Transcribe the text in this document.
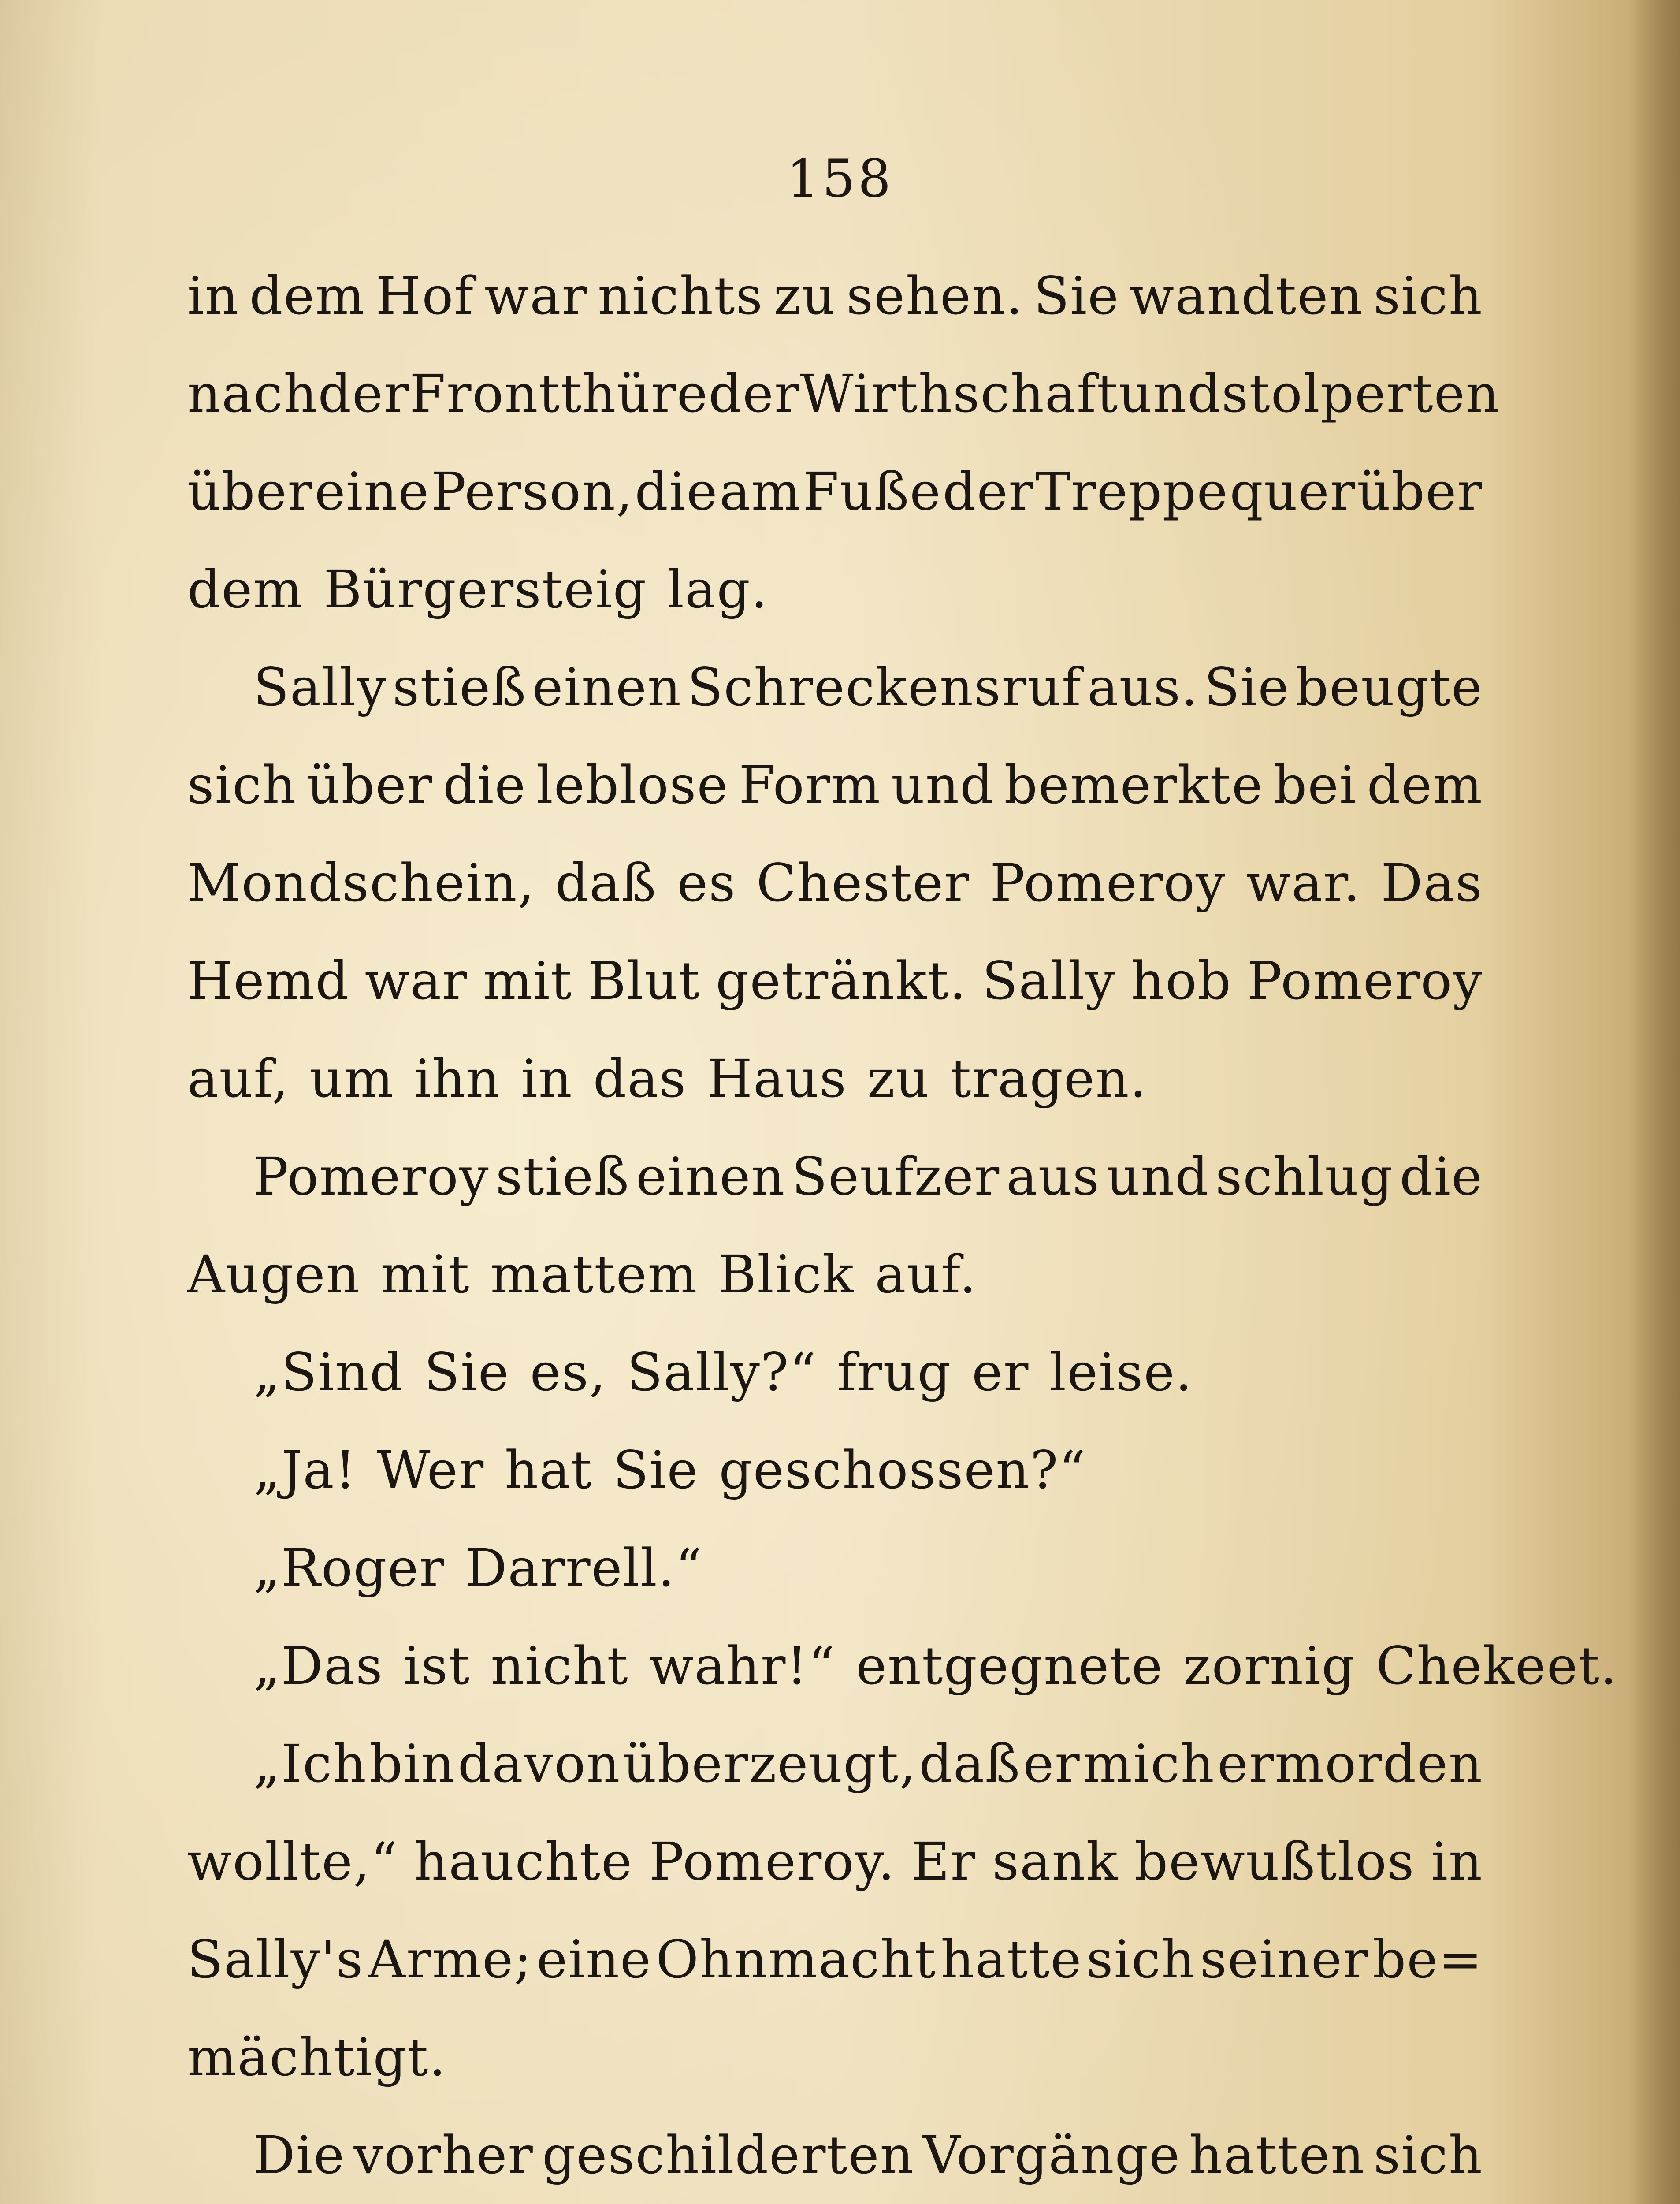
158
in dem Hof war nichts zu sehen. Sie wandten sich
nach der Frontthüre der Wirthschaft und stolperten
über eine Person, die am Fuße der Treppe quer über
dem Bürgersteig lag.
Sally stieß einen Schreckensruf aus. Sie beugte
sich über die leblose Form und bemerkte bei dem
Mondschein, daß es Chester Pomeroy war. Das
Hemd war mit Blut getränkt. Sally hob Pomeroy
auf, um ihn in das Haus zu tragen.
Pomeroy stieß einen Seufzer aus und schlug die
Augen mit mattem Blick auf.
„Sind Sie es, Sally?“ frug er leise.
„Ja! Wer hat Sie geschossen?“
„Roger Darrell.“
„Das ist nicht wahr!“ entgegnete zornig Chekeet.
„Ich bin davon überzeugt, daß er mich ermorden
wollte,“ hauchte Pomeroy. Er sank bewußtlos in
Sally's Arme; eine Ohnmacht hatte sich seiner be=
mächtigt.
Die vorher geschilderten Vorgänge hatten sich
